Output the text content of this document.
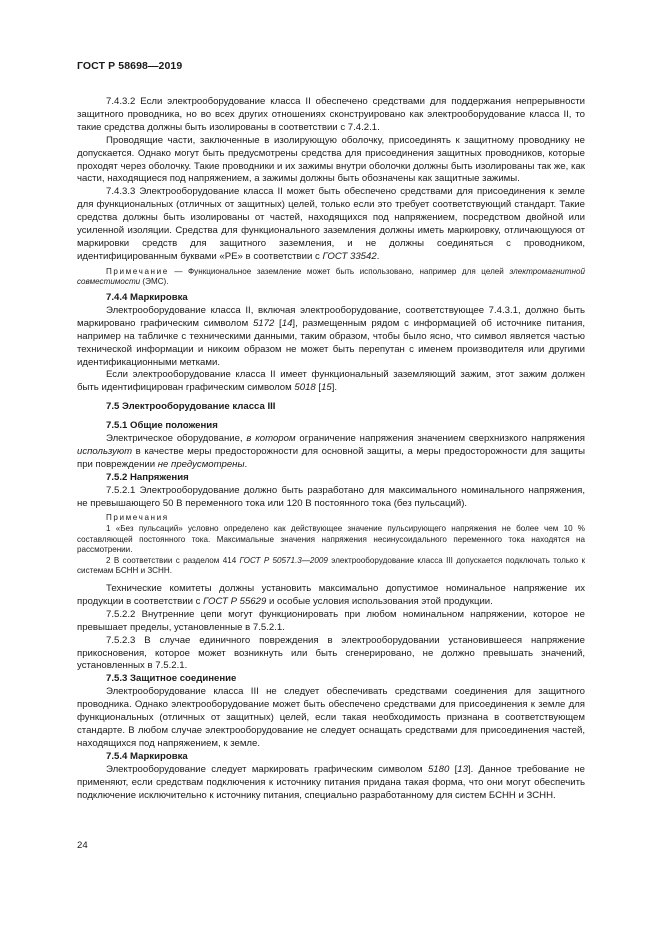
ГОСТ Р 58698—2019

7.4.3.2 Если электрооборудование класса II обеспечено средствами для поддержания непрерывности защитного проводника, но во всех других отношениях сконструировано как электрооборудование класса II, то такие средства должны быть изолированы в соответствии с 7.4.2.1.

Проводящие части, заключенные в изолирующую оболочку, присоединять к защитному проводнику не допускается. Однако могут быть предусмотрены средства для присоединения защитных проводников, которые проходят через оболочку. Такие проводники и их зажимы внутри оболочки должны быть изолированы так же, как части, находящиеся под напряжением, а зажимы должны быть обозначены как защитные зажимы.

7.4.3.3 Электрооборудование класса II может быть обеспечено средствами для присоединения к земле для функциональных (отличных от защитных) целей, только если это требует соответствующий стандарт. Такие средства должны быть изолированы от частей, находящихся под напряжением, посредством двойной или усиленной изоляции. Средства для функционального заземления должны иметь маркировку, отличающуюся от маркировки средств для защитного заземления, и не должны соединяться с проводником, идентифицированным буквами «PE» в соответствии с ГОСТ 33542.

Примечание — Функциональное заземление может быть использовано, например для целей электромагнитной совместимости (ЭМС).

7.4.4 Маркировка

Электрооборудование класса II, включая электрооборудование, соответствующее 7.4.3.1, должно быть маркировано графическим символом 5172 [14], размещенным рядом с информацией об источнике питания, например на табличке с техническими данными, таким образом, чтобы было ясно, что символ является частью технической информации и никоим образом не может быть перепутан с именем производителя или другими идентификационными метками.

Если электрооборудование класса II имеет функциональный заземляющий зажим, этот зажим должен быть идентифицирован графическим символом 5018 [15].

7.5 Электрооборудование класса III

7.5.1 Общие положения

Электрическое оборудование, в котором ограничение напряжения значением сверхнизкого напряжения используют в качестве меры предосторожности для основной защиты, а меры предосторожности для защиты при повреждении не предусмотрены.

7.5.2 Напряжения

7.5.2.1 Электрооборудование должно быть разработано для максимального номинального напряжения, не превышающего 50 В переменного тока или 120 В постоянного тока (без пульсаций).

Примечания

1 «Без пульсаций» условно определено как действующее значение пульсирующего напряжения не более чем 10 % составляющей постоянного тока. Максимальные значения напряжения несинусоидального переменного тока находятся на рассмотрении.

2 В соответствии с разделом 414 ГОСТ Р 50571.3—2009 электрооборудование класса III допускается подключать только к системам БСНН и ЗСНН.

Технические комитеты должны установить максимально допустимое номинальное напряжение их продукции в соответствии с ГОСТ Р 55629 и особые условия использования этой продукции.

7.5.2.2 Внутренние цепи могут функционировать при любом номинальном напряжении, которое не превышает пределы, установленные в 7.5.2.1.

7.5.2.3 В случае единичного повреждения в электрооборудовании установившееся напряжение прикосновения, которое может возникнуть или быть сгенерировано, не должно превышать значений, установленных в 7.5.2.1.

7.5.3 Защитное соединение

Электрооборудование класса III не следует обеспечивать средствами соединения для защитного проводника. Однако электрооборудование может быть обеспечено средствами для присоединения к земле для функциональных (отличных от защитных) целей, если такая необходимость признана в соответствующем стандарте. В любом случае электрооборудование не следует оснащать средствами для присоединения частей, находящихся под напряжением, к земле.

7.5.4 Маркировка

Электрооборудование следует маркировать графическим символом 5180 [13]. Данное требование не применяют, если средствам подключения к источнику питания придана такая форма, что они могут обеспечить подключение исключительно к источнику питания, специально разработанному для систем БСНН и ЗСНН.

24
